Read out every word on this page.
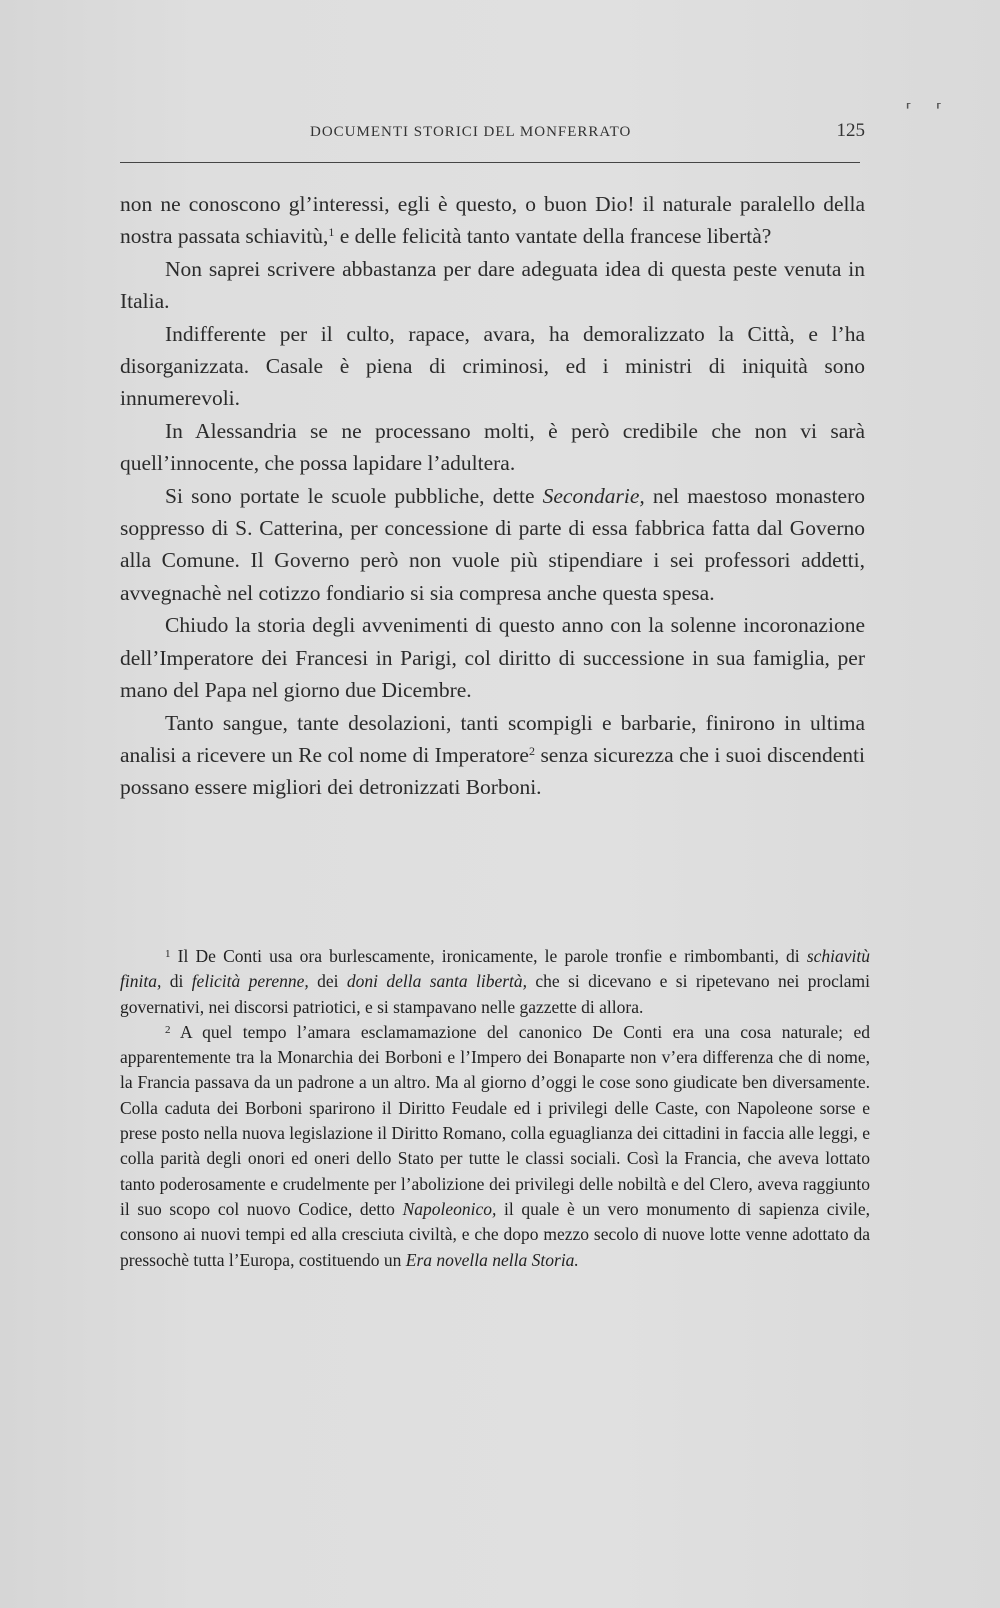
⸢ ⸢
DOCUMENTI STORICI DEL MONFERRATO	125

non ne conoscono gl’interessi, egli è questo, o buon Dio! il naturale paralello della nostra passata schiavitù,$^1$ e delle felicità tanto vantate della francese libertà?

Non saprei scrivere abbastanza per dare adeguata idea di questa peste venuta in Italia.

Indifferente per il culto, rapace, avara, ha demoralizzato la Città, e l’ha disorganizzata. Casale è piena di criminosi, ed i ministri di iniquità sono innumerevoli.

In Alessandria se ne processano molti, è però credibile che non vi sarà quell’innocente, che possa lapidare l’adultera.

Si sono portate le scuole pubbliche, dette Secondarie, nel maestoso monastero soppresso di S. Catterina, per concessione di parte di essa fabbrica fatta dal Governo alla Comune. Il Governo però non vuole più stipendiare i sei professori addetti, avvegnachè nel cotizzo fondiario si sia compresa anche questa spesa.

Chiudo la storia degli avvenimenti di questo anno con la solenne incoronazione dell’Imperatore dei Francesi in Parigi, col diritto di successione in sua famiglia, per mano del Papa nel giorno due Dicembre.

Tanto sangue, tante desolazioni, tanti scompigli e barbarie, finirono in ultima analisi a ricevere un Re col nome di Imperatore$^2$ senza sicurezza che i suoi discendenti possano essere migliori dei detronizzati Borboni.

$^1$ Il De Conti usa ora burlescamente, ironicamente, le parole tronfie e rimbombanti, di schiavitù finita, di felicità perenne, dei doni della santa libertà, che si dicevano e si ripetevano nei proclami governativi, nei discorsi patriotici, e si stampavano nelle gazzette di allora.

$^2$ A quel tempo l’amara esclamamazione del canonico De Conti era una cosa naturale; ed apparentemente tra la Monarchia dei Borboni e l’Impero dei Bonaparte non v’era differenza che di nome, la Francia passava da un padrone a un altro. Ma al giorno d’oggi le cose sono giudicate ben diversamente. Colla caduta dei Borboni sparirono il Diritto Feudale ed i privilegi delle Caste, con Napoleone sorse e prese posto nella nuova legislazione il Diritto Romano, colla eguaglianza dei cittadini in faccia alle leggi, e colla parità degli onori ed oneri dello Stato per tutte le classi sociali. Così la Francia, che aveva lottato tanto poderosamente e crudelmente per l’abolizione dei privilegi delle nobiltà e del Clero, aveva raggiunto il suo scopo col nuovo Codice, detto Napoleonico, il quale è un vero monumento di sapienza civile, consono ai nuovi tempi ed alla cresciuta civiltà, e che dopo mezzo secolo di nuove lotte venne adottato da pressochè tutta l’Europa, costituendo un Era novella nella Storia.
